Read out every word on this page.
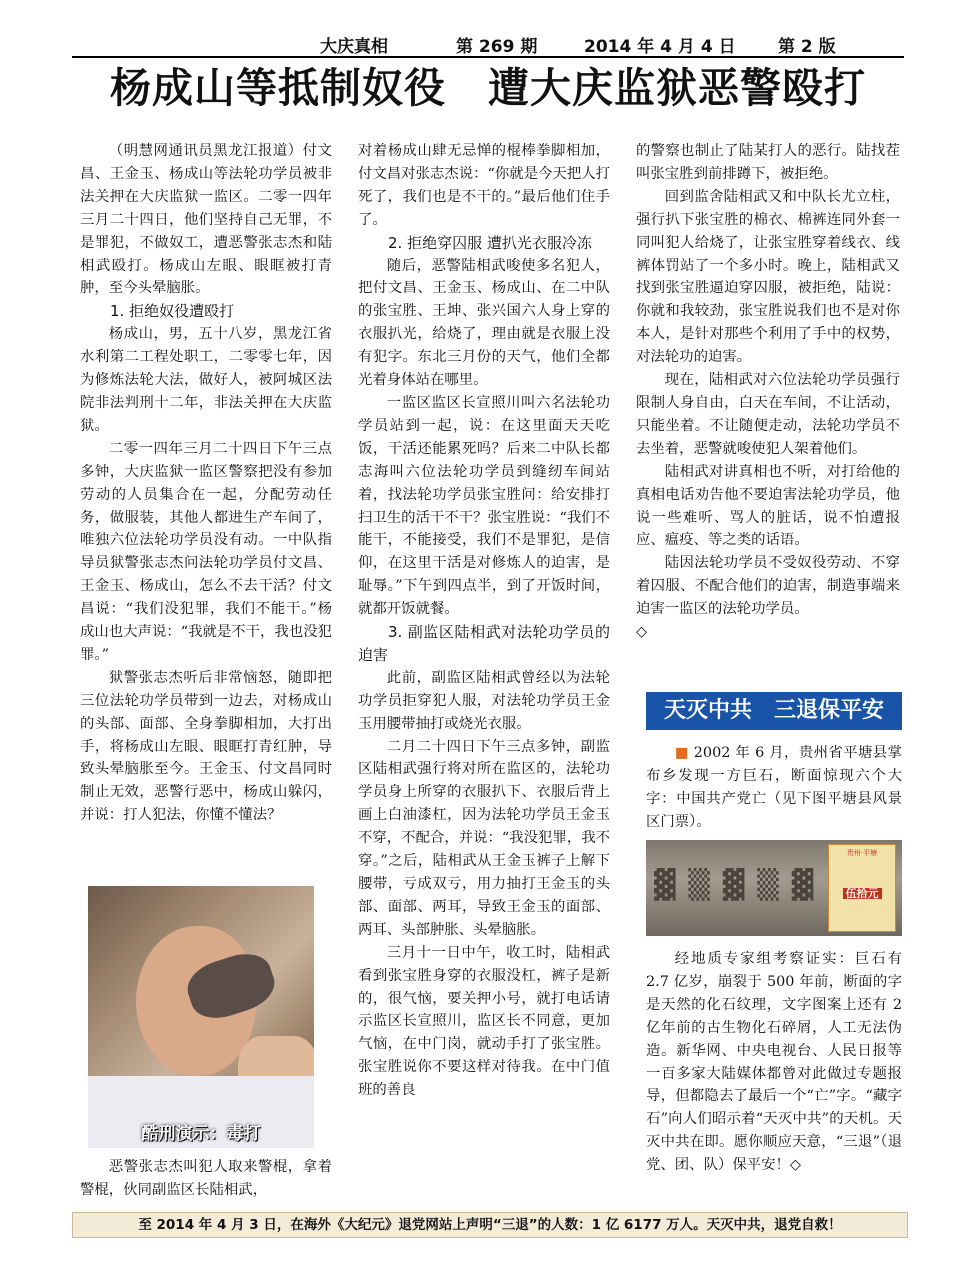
大庆真相	第 269 期	2014 年 4 月 4 日 第 2 版
杨成山等抵制奴役　遭大庆监狱恶警殴打

（明慧网通讯员黑龙江报道）付文昌、王金玉、杨成山等法轮功学员被非法关押在大庆监狱一监区。二零一四年三月二十四日，他们坚持自己无罪，不是罪犯，不做奴工，遭恶警张志杰和陆相武殴打。杨成山左眼、眼眶被打青肿，至今头晕脑胀。

1. 拒绝奴役遭殴打

杨成山，男，五十八岁，黑龙江省水利第二工程处职工，二零零七年，因为修炼法轮大法，做好人，被阿城区法院非法判刑十二年，非法关押在大庆监狱。

二零一四年三月二十四日下午三点多钟，大庆监狱一监区警察把没有参加劳动的人员集合在一起，分配劳动任务，做服装，其他人都进生产车间了，唯独六位法轮功学员没有动。一中队指导员狱警张志杰问法轮功学员付文昌、王金玉、杨成山，怎么不去干活？付文昌说：“我们没犯罪，我们不能干。”杨成山也大声说：“我就是不干，我也没犯罪。”

狱警张志杰听后非常恼怒，随即把三位法轮功学员带到一边去，对杨成山的头部、面部、全身拳脚相加，大打出手，将杨成山左眼、眼眶打青红肿，导致头晕脑胀至今。王金玉、付文昌同时制止无效，恶警行恶中，杨成山躲闪，并说：打人犯法，你懂不懂法？

酷刑演示：毒打

恶警张志杰叫犯人取来警棍，拿着警棍，伙同副监区长陆相武，

对着杨成山肆无忌惮的棍棒拳脚相加，付文昌对张志杰说：“你就是今天把人打死了，我们也是不干的。”最后他们住手了。

2. 拒绝穿囚服 遭扒光衣服冷冻

随后，恶警陆相武唆使多名犯人，把付文昌、王金玉、杨成山、在二中队的张宝胜、王坤、张兴国六人身上穿的衣服扒光，给烧了，理由就是衣服上没有犯字。东北三月份的天气，他们全都光着身体站在哪里。

一监区监区长宣照川叫六名法轮功学员站到一起，说：在这里面天天吃饭，干活还能累死吗？后来二中队长都志海叫六位法轮功学员到缝纫车间站着，找法轮功学员张宝胜问：给安排打扫卫生的活干不干？张宝胜说：“我们不能干，不能接受，我们不是罪犯，是信仰，在这里干活是对修炼人的迫害，是耻辱。”下午到四点半，到了开饭时间，就都开饭就餐。

3. 副监区陆相武对法轮功学员的迫害

此前，副监区陆相武曾经以为法轮功学员拒穿犯人服，对法轮功学员王金玉用腰带抽打或烧光衣服。

二月二十四日下午三点多钟，副监区陆相武强行将对所在监区的，法轮功学员身上所穿的衣服扒下、衣服后背上画上白油漆杠，因为法轮功学员王金玉不穿，不配合，并说：“我没犯罪，我不穿。”之后，陆相武从王金玉裤子上解下腰带，亏成双亏，用力抽打王金玉的头部、面部、两耳，导致王金玉的面部、两耳、头部肿胀、头晕脑胀。

三月十一日中午，收工时，陆相武看到张宝胜身穿的衣服没杠，裤子是新的，很气恼，要关押小号，就打电话请示监区长宣照川，监区长不同意，更加气恼，在中门岗，就动手打了张宝胜。张宝胜说你不要这样对待我。在中门值班的善良

的警察也制止了陆某打人的恶行。陆找茬叫张宝胜到前排蹲下，被拒绝。

回到监舍陆相武又和中队长尤立柱，强行扒下张宝胜的棉衣、棉裤连同外套一同叫犯人给烧了，让张宝胜穿着线衣、线裤体罚站了一个多小时。晚上，陆相武又找到张宝胜逼迫穿囚服，被拒绝，陆说：你就和我较劲，张宝胜说我们也不是对你本人，是针对那些个利用了手中的权势，对法轮功的迫害。

现在，陆相武对六位法轮功学员强行限制人身自由，白天在车间，不让活动，只能坐着。不让随便走动，法轮功学员不去坐着，恶警就唆使犯人架着他们。

陆相武对讲真相也不听，对打给他的真相电话劝告他不要迫害法轮功学员，他说一些难听、骂人的脏话，说不怕遭报应、瘟疫、等之类的话语。

陆因法轮功学员不受奴役劳动、不穿着囚服、不配合他们的迫害，制造事端来迫害一监区的法轮功学员。

◇

天灭中共　三退保平安

■ 2002 年 6 月，贵州省平塘县掌布乡发现一方巨石，断面惊现六个大字：中国共产党亡（见下图平塘县风景区门票）。

▓ ▒ ▓ ▒ ▓
贵州·平塘
伍拾元

经地质专家组考察证实：巨石有 2.7 亿岁，崩裂于 500 年前，断面的字是天然的化石纹理，文字图案上还有 2 亿年前的古生物化石碎屑，人工无法伪造。新华网、中央电视台、人民日报等一百多家大陆媒体都曾对此做过专题报导，但都隐去了最后一个“亡”字。“藏字石”向人们昭示着“天灭中共”的天机。天灭中共在即。愿你顺应天意，“三退”（退党、团、队）保平安！◇

至 2014 年 4 月 3 日，在海外《大纪元》退党网站上声明“三退”的人数：1 亿 6177 万人。天灭中共，退党自救！
